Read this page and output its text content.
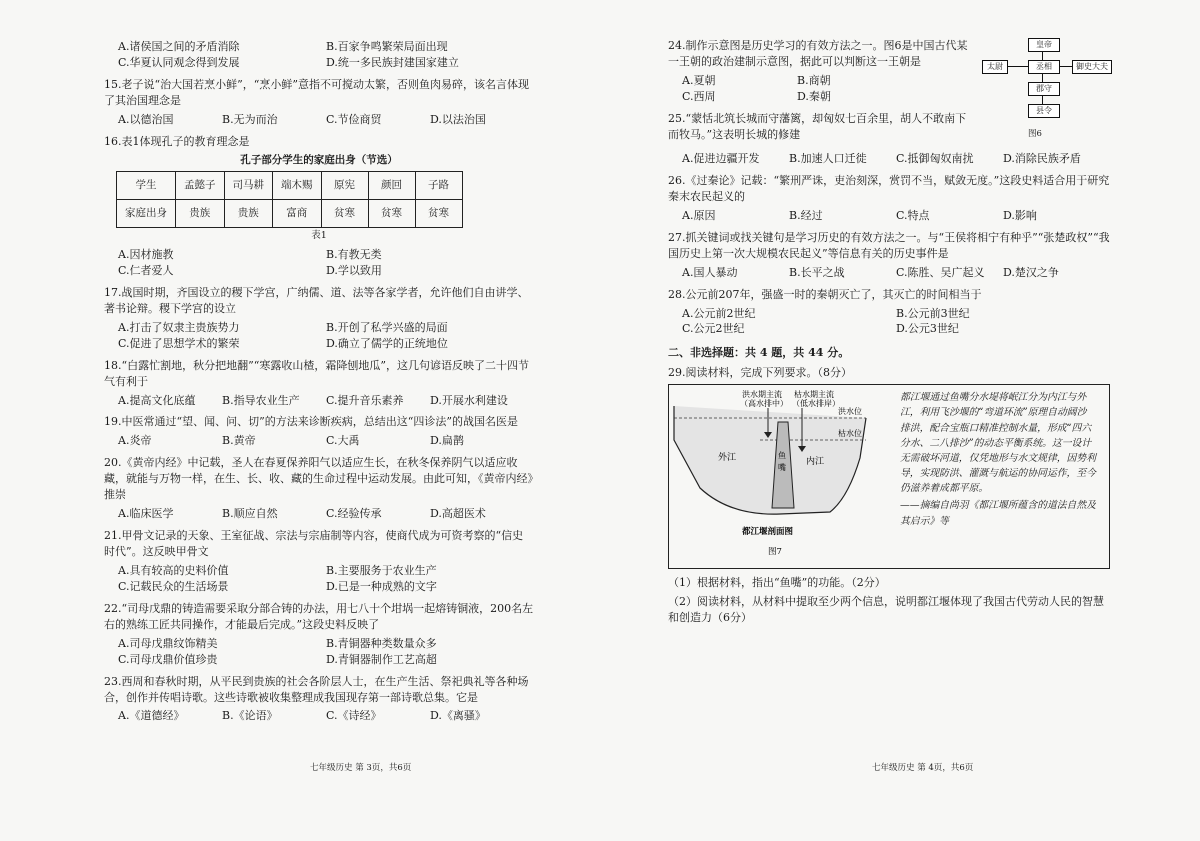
A.诸侯国之间的矛盾消除	B.百家争鸣繁荣局面出现
C.华夏认同观念得到发展	D.统一多民族封建国家建立

15.老子说“治大国若烹小鲜”，“烹小鲜”意指不可搅动太繁，否则鱼肉易碎，该名言体现了其治国理念是

A.以德治国	B.无为而治	C.节俭商贸	D.以法治国

16.表1体现孔子的教育理念是

孔子部分学生的家庭出身（节选）
学生	孟懿子	司马耕	端木赐	原宪	颜回	子路
家庭出身	贵族	贵族	富商	贫寒	贫寒	贫寒
表1
A.因材施教	B.有教无类
C.仁者爱人	D.学以致用

17.战国时期，齐国设立的稷下学宫，广纳儒、道、法等各家学者，允许他们自由讲学、著书论辩。稷下学宫的设立

A.打击了奴隶主贵族势力	B.开创了私学兴盛的局面
C.促进了思想学术的繁荣	D.确立了儒学的正统地位

18.“白露忙割地，秋分把地翻”“寒露收山楂，霜降刨地瓜”，这几句谚语反映了二十四节气有利于

A.提高文化底蕴	B.指导农业生产	C.提升音乐素养	D.开展水利建设

19.中医常通过“望、闻、问、切”的方法来诊断疾病，总结出这“四诊法”的战国名医是

A.炎帝	B.黄帝	C.大禹	D.扁鹊

20.《黄帝内经》中记载，圣人在春夏保养阳气以适应生长，在秋冬保养阴气以适应收藏，就能与万物一样，在生、长、收、藏的生命过程中运动发展。由此可知，《黄帝内经》推崇

A.临床医学	B.顺应自然	C.经验传承	D.高超医术

21.甲骨文记录的天象、王室征战、宗法与宗庙制等内容，使商代成为可资考察的“信史时代”。这反映甲骨文

A.具有较高的史料价值	B.主要服务于农业生产
C.记载民众的生活场景	D.已是一种成熟的文字

22.“司母戊鼎的铸造需要采取分部合铸的办法，用七八十个坩埚一起熔铸铜液，200名左右的熟练工匠共同操作，才能最后完成。”这段史料反映了

A.司母戊鼎纹饰精美	B.青铜器种类数量众多
C.司母戊鼎价值珍贵	D.青铜器制作工艺高超

23.西周和春秋时期，从平民到贵族的社会各阶层人士，在生产生活、祭祀典礼等各种场合，创作并传唱诗歌。这些诗歌被收集整理成我国现存第一部诗歌总集。它是

A.《道德经》	B.《论语》	C.《诗经》	D.《离骚》
七年级历史 第 3页，共6页

24.制作示意图是历史学习的有效方法之一。图6是中国古代某一王朝的政治建制示意图，据此可以判断这一王朝是

A.夏朝	B.商朝
C.西周	D.秦朝

25.“蒙恬北筑长城而守藩篱，却匈奴七百余里，胡人不敢南下而牧马。”这表明长城的修建

皇帝
太尉	丞相	御史大夫
郡守
县令
图6
A.促进边疆开发	B.加速人口迁徙	C.抵御匈奴南扰	D.消除民族矛盾

26.《过秦论》记载：“繁刑严诛，吏治刻深，赏罚不当，赋敛无度。”这段史料适合用于研究秦末农民起义的

A.原因	B.经过	C.特点	D.影响

27.抓关键词或找关键句是学习历史的有效方法之一。与“王侯将相宁有种乎”“张楚政权”“我国历史上第一次大规模农民起义”等信息有关的历史事件是

A.国人暴动	B.长平之战	C.陈胜、吴广起义	D.楚汉之争

28.公元前207年，强盛一时的秦朝灭亡了，其灭亡的时间相当于

A.公元前2世纪	B.公元前3世纪
C.公元2世纪	D.公元3世纪
二、非选择题：共 4 题，共 44 分。

29.阅读材料，完成下列要求。（8分）

洪水期主流
（高水排中）
枯水期主流
（低水排岸）
洪水位
枯水位
外江	内江
鱼
嘴
都江堰剖面图
图7
都江堰通过鱼嘴分水堤将岷江分为内江与外江，利用飞沙堰的“弯道环流”原理自动阔沙排洪，配合宝瓶口精准控制水量，形成“四六分水、二八排沙”的动态平衡系统。这一设计无需破坏河道，仅凭地形与水文规律，因势利导，实现防洪、灌溉与航运的协同运作，至今仍滋养着成都平原。
——摘编自尚羽《都江堰所蕴含的道法自然及其启示》等

（1）根据材料，指出“鱼嘴”的功能。（2分）

（2）阅读材料，从材料中提取至少两个信息，说明都江堰体现了我国古代劳动人民的智慧和创造力（6分）

七年级历史 第 4页，共6页
